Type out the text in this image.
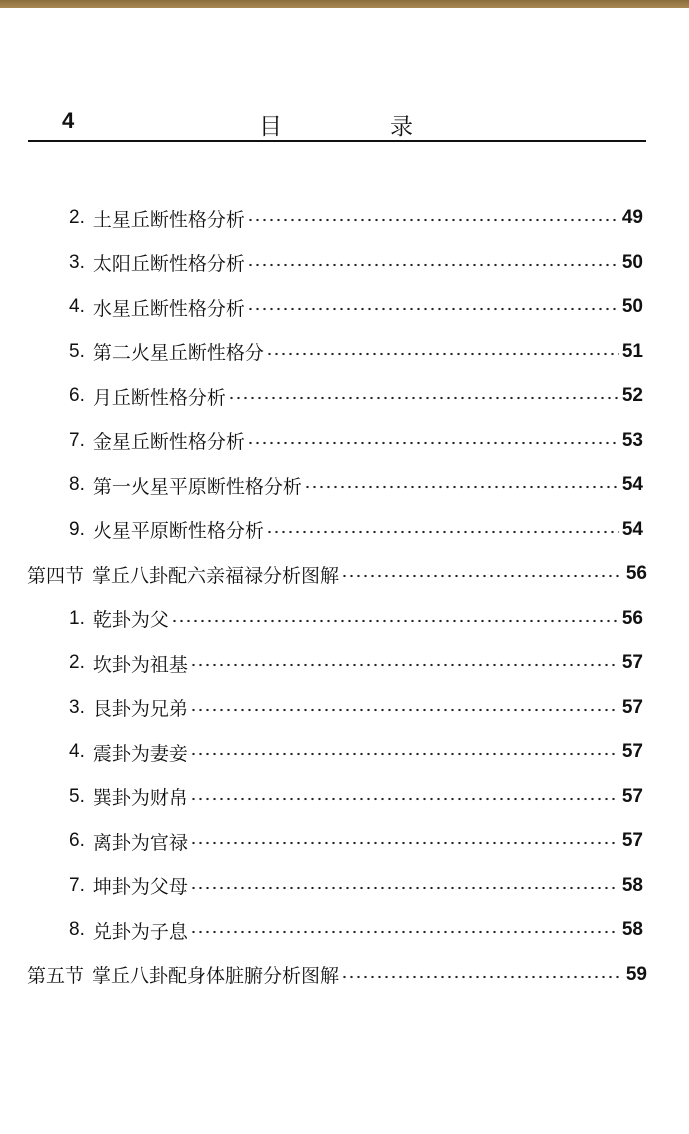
4	目录
2. 土星丘断性格分析	49
3. 太阳丘断性格分析	50
4. 水星丘断性格分析	50
5. 第二火星丘断性格分	51
6. 月丘断性格分析	52
7. 金星丘断性格分析	53
8. 第一火星平原断性格分析	54
9. 火星平原断性格分析	54
第四节 掌丘八卦配六亲福禄分析图解	56
1. 乾卦为父	56
2. 坎卦为祖基	57
3. 艮卦为兄弟	57
4. 震卦为妻妾	57
5. 巽卦为财帛	57
6. 离卦为官禄	57
7. 坤卦为父母	58
8. 兑卦为子息	58
第五节 掌丘八卦配身体脏腑分析图解	59
